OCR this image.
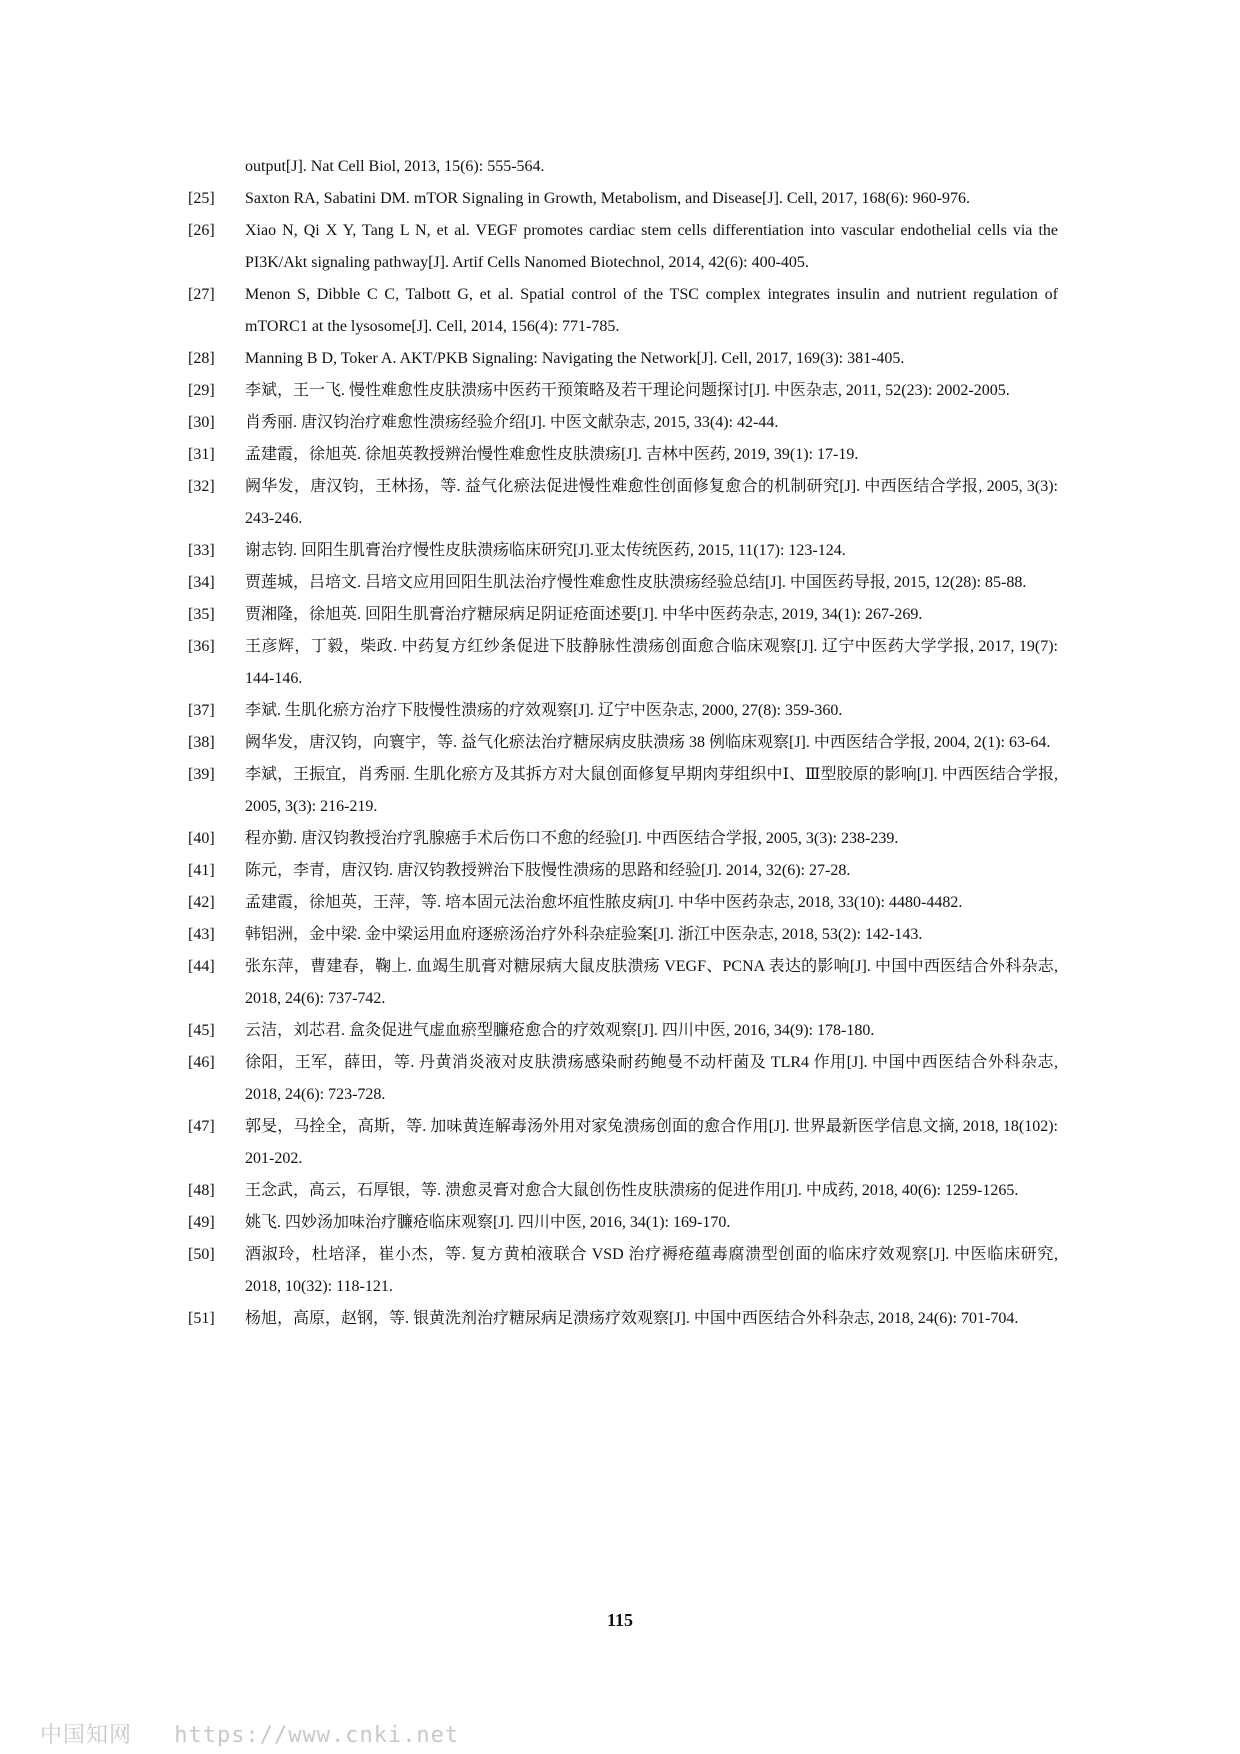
output[J]. Nat Cell Biol, 2013, 15(6): 555-564.
[25] Saxton RA, Sabatini DM. mTOR Signaling in Growth, Metabolism, and Disease[J]. Cell, 2017, 168(6): 960-976.
[26] Xiao N, Qi X Y, Tang L N, et al. VEGF promotes cardiac stem cells differentiation into vascular endothelial cells via the PI3K/Akt signaling pathway[J]. Artif Cells Nanomed Biotechnol, 2014, 42(6): 400-405.
[27] Menon S, Dibble C C, Talbott G, et al. Spatial control of the TSC complex integrates insulin and nutrient regulation of mTORC1 at the lysosome[J]. Cell, 2014, 156(4): 771-785.
[28] Manning B D, Toker A. AKT/PKB Signaling: Navigating the Network[J]. Cell, 2017, 169(3): 381-405.
[29] 李斌，王一飞. 慢性难愈性皮肤溃疡中医药干预策略及若干理论问题探讨[J]. 中医杂志, 2011, 52(23): 2002-2005.
[30] 肖秀丽. 唐汉钧治疗难愈性溃疡经验介绍[J]. 中医文献杂志, 2015, 33(4): 42-44.
[31] 孟建霞，徐旭英. 徐旭英教授辨治慢性难愈性皮肤溃疡[J]. 吉林中医药, 2019, 39(1): 17-19.
[32] 阙华发，唐汉钧，王林扬，等. 益气化瘀法促进慢性难愈性创面修复愈合的机制研究[J]. 中西医结合学报, 2005, 3(3): 243-246.
[33] 谢志钧. 回阳生肌膏治疗慢性皮肤溃疡临床研究[J].亚太传统医药, 2015, 11(17): 123-124.
[34] 贾莲城，吕培文. 吕培文应用回阳生肌法治疗慢性难愈性皮肤溃疡经验总结[J]. 中国医药导报, 2015, 12(28): 85-88.
[35] 贾湘隆，徐旭英. 回阳生肌膏治疗糖尿病足阴证疮面述要[J]. 中华中医药杂志, 2019, 34(1): 267-269.
[36] 王彦辉，丁毅，柴政. 中药复方红纱条促进下肢静脉性溃疡创面愈合临床观察[J]. 辽宁中医药大学学报, 2017, 19(7): 144-146.
[37] 李斌. 生肌化瘀方治疗下肢慢性溃疡的疗效观察[J]. 辽宁中医杂志, 2000, 27(8): 359-360.
[38] 阙华发，唐汉钧，向寰宇，等. 益气化瘀法治疗糖尿病皮肤溃疡 38 例临床观察[J]. 中西医结合学报, 2004, 2(1): 63-64.
[39] 李斌，王振宜，肖秀丽. 生肌化瘀方及其拆方对大鼠创面修复早期肉芽组织中Ⅰ、Ⅲ型胶原的影响[J]. 中西医结合学报, 2005, 3(3): 216-219.
[40] 程亦勤. 唐汉钧教授治疗乳腺癌手术后伤口不愈的经验[J]. 中西医结合学报, 2005, 3(3): 238-239.
[41] 陈元，李青，唐汉钧. 唐汉钧教授辨治下肢慢性溃疡的思路和经验[J]. 2014, 32(6): 27-28.
[42] 孟建霞，徐旭英，王萍，等. 培本固元法治愈坏疽性脓皮病[J]. 中华中医药杂志, 2018, 33(10): 4480-4482.
[43] 韩铝洲，金中梁. 金中梁运用血府逐瘀汤治疗外科杂症验案[J]. 浙江中医杂志, 2018, 53(2): 142-143.
[44] 张东萍，曹建春，鞠上. 血竭生肌膏对糖尿病大鼠皮肤溃疡 VEGF、PCNA 表达的影响[J]. 中国中西医结合外科杂志, 2018, 24(6): 737-742.
[45] 云洁，刘芯君. 盒灸促进气虚血瘀型臁疮愈合的疗效观察[J]. 四川中医, 2016, 34(9): 178-180.
[46] 徐阳，王军，薛田，等. 丹黄消炎液对皮肤溃疡感染耐药鲍曼不动杆菌及 TLR4 作用[J]. 中国中西医结合外科杂志, 2018, 24(6): 723-728.
[47] 郭旻，马拴全，高斯，等. 加味黄连解毒汤外用对家兔溃疡创面的愈合作用[J]. 世界最新医学信息文摘, 2018, 18(102): 201-202.
[48] 王念武，高云，石厚银，等. 溃愈灵膏对愈合大鼠创伤性皮肤溃疡的促进作用[J]. 中成药, 2018, 40(6): 1259-1265.
[49] 姚飞. 四妙汤加味治疗臁疮临床观察[J]. 四川中医, 2016, 34(1): 169-170.
[50] 酒淑玲，杜培泽，崔小杰，等. 复方黄柏液联合 VSD 治疗褥疮蕴毒腐溃型创面的临床疗效观察[J]. 中医临床研究, 2018, 10(32): 118-121.
[51] 杨旭，高原，赵钢，等. 银黄洗剂治疗糖尿病足溃疡疗效观察[J]. 中国中西医结合外科杂志, 2018, 24(6): 701-704.
115
中国知网 https://www.cnki.net
